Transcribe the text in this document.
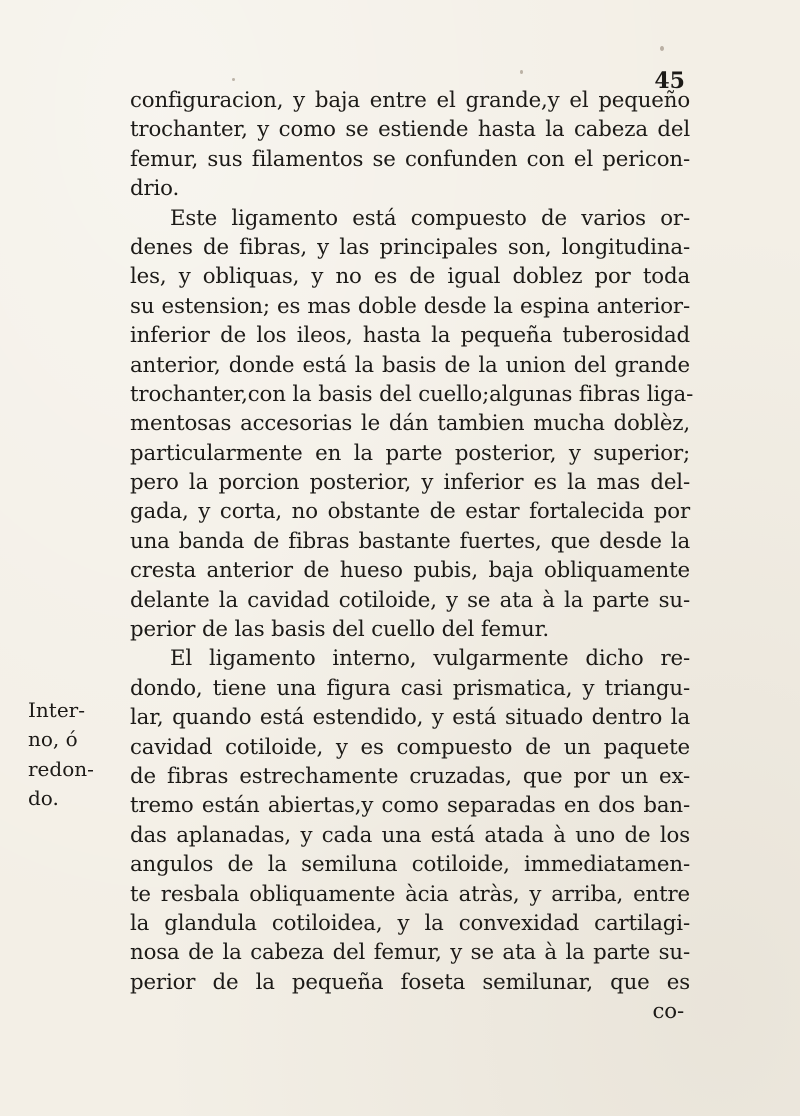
45
Inter-
no, ó
redon-
do.
configuracion, y baja entre el grande,y el pequeño
trochanter, y como se estiende hasta la cabeza del
femur, sus filamentos se confunden con el pericon-
drio.
Este ligamento está compuesto de varios or-
denes de fibras, y las principales son, longitudina-
les, y obliquas, y no es de igual doblez por toda
su estension; es mas doble desde la espina anterior-
inferior de los ileos, hasta la pequeña tuberosidad
anterior, donde está la basis de la union del grande
trochanter,con la basis del cuello;algunas fibras liga-
mentosas accesorias le dán tambien mucha doblèz,
particularmente en la parte posterior, y superior;
pero la porcion posterior, y inferior es la mas del-
gada, y corta, no obstante de estar fortalecida por
una banda de fibras bastante fuertes, que desde la
cresta anterior de hueso pubis, baja obliquamente
delante la cavidad cotiloide, y se ata à la parte su-
perior de las basis del cuello del femur.
El ligamento interno, vulgarmente dicho re-
dondo, tiene una figura casi prismatica, y triangu-
lar, quando está estendido, y está situado dentro la
cavidad cotiloide, y es compuesto de un paquete
de fibras estrechamente cruzadas, que por un ex-
tremo están abiertas,y como separadas en dos ban-
das aplanadas, y cada una está atada à uno de los
angulos de la semiluna cotiloide, immediatamen-
te resbala obliquamente àcia atràs, y arriba, entre
la glandula cotiloidea, y la convexidad cartilagi-
nosa de la cabeza del femur, y se ata à la parte su-
perior de la pequeña foseta semilunar, que es
co-
